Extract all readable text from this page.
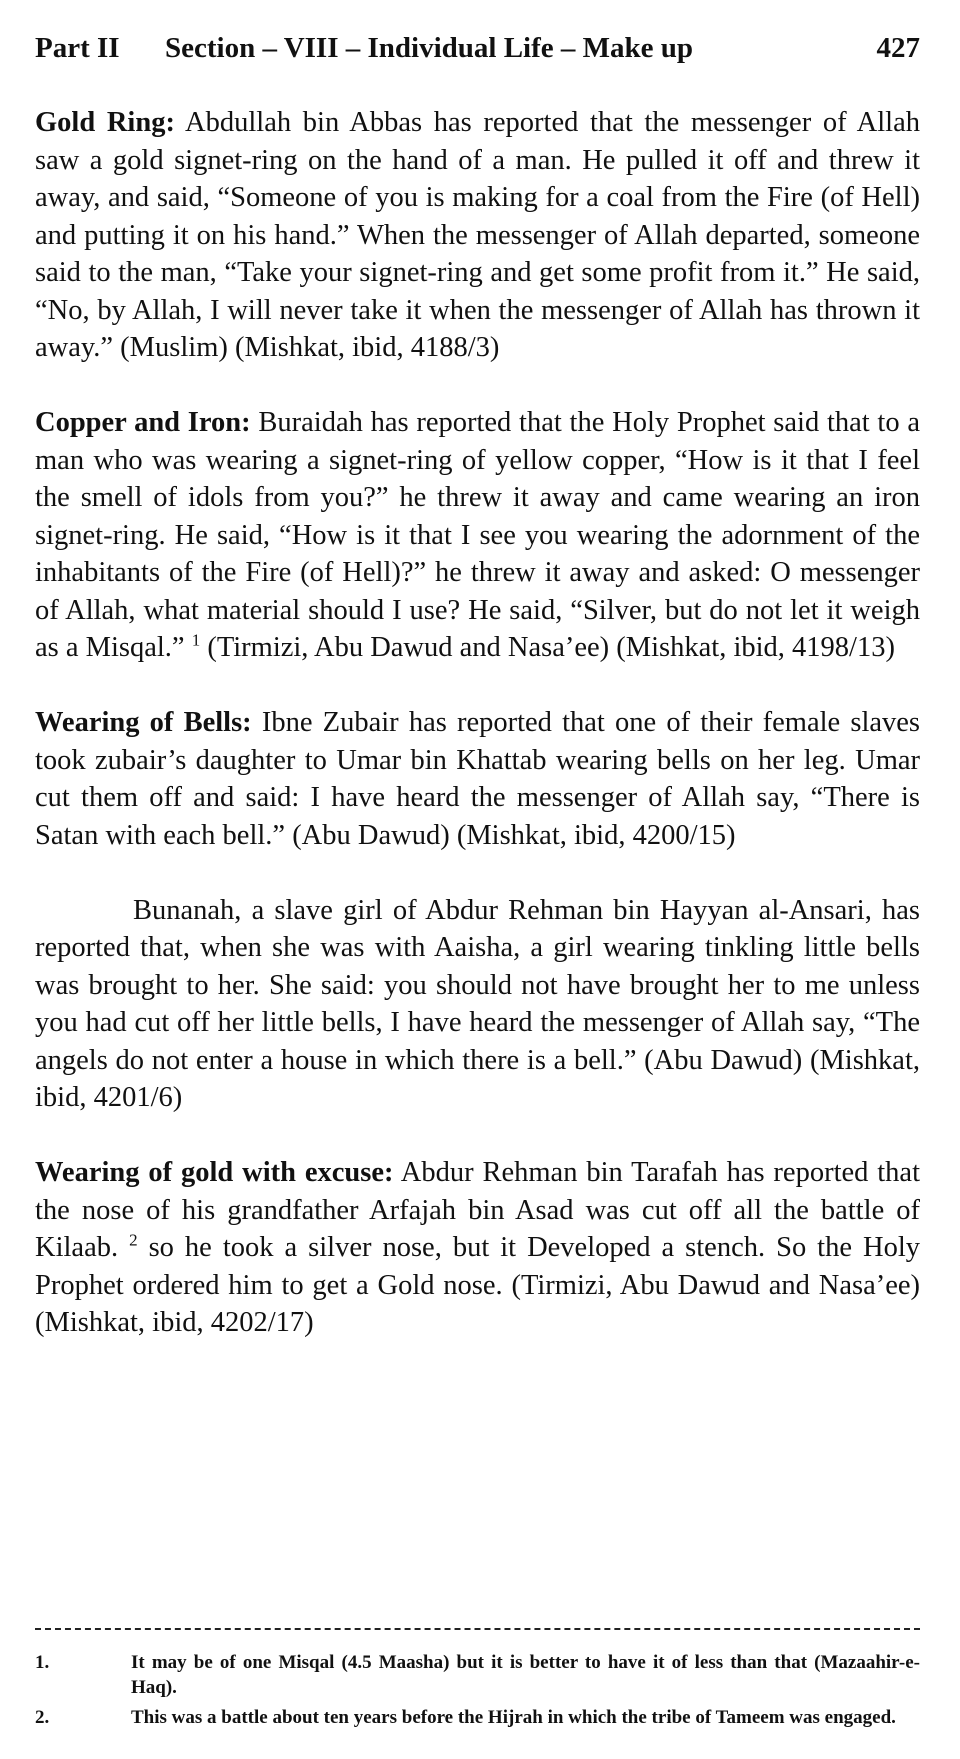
Part II Section – VIII – Individual Life – Make up	427

Gold Ring: Abdullah bin Abbas has reported that the messenger of Allah saw a gold signet-ring on the hand of a man. He pulled it off and threw it away, and said, “Someone of you is making for a coal from the Fire (of Hell) and putting it on his hand.” When the messenger of Allah departed, someone said to the man, “Take your signet-ring and get some profit from it.” He said, “No, by Allah, I will never take it when the messenger of Allah has thrown it away.” (Muslim) (Mishkat, ibid, 4188/3)

Copper and Iron: Buraidah has reported that the Holy Prophet said that to a man who was wearing a signet-ring of yellow copper, “How is it that I feel the smell of idols from you?” he threw it away and came wearing an iron signet-ring. He said, “How is it that I see you wearing the adornment of the inhabitants of the Fire (of Hell)?” he threw it away and asked: O messenger of Allah, what material should I use? He said, “Silver, but do not let it weigh as a Misqal.” $^1$ (Tirmizi, Abu Dawud and Nasa’ee) (Mishkat, ibid, 4198/13)

Wearing of Bells: Ibne Zubair has reported that one of their female slaves took zubair’s daughter to Umar bin Khattab wearing bells on her leg. Umar cut them off and said: I have heard the messenger of Allah say, “There is Satan with each bell.” (Abu Dawud) (Mishkat, ibid, 4200/15)

Bunanah, a slave girl of Abdur Rehman bin Hayyan al-Ansari, has reported that, when she was with Aaisha, a girl wearing tinkling little bells was brought to her. She said: you should not have brought her to me unless you had cut off her little bells, I have heard the messenger of Allah say, “The angels do not enter a house in which there is a bell.” (Abu Dawud) (Mishkat, ibid, 4201/6)

Wearing of gold with excuse: Abdur Rehman bin Tarafah has reported that the nose of his grandfather Arfajah bin Asad was cut off all the battle of Kilaab. $^2$ so he took a silver nose, but it Developed a stench. So the Holy Prophet ordered him to get a Gold nose. (Tirmizi, Abu Dawud and Nasa’ee) (Mishkat, ibid, 4202/17)

1.	It may be of one Misqal (4.5 Maasha) but it is better to have it of less than that (Mazaahir-e-Haq).
2.	This was a battle about ten years before the Hijrah in which the tribe of Tameem was engaged.
